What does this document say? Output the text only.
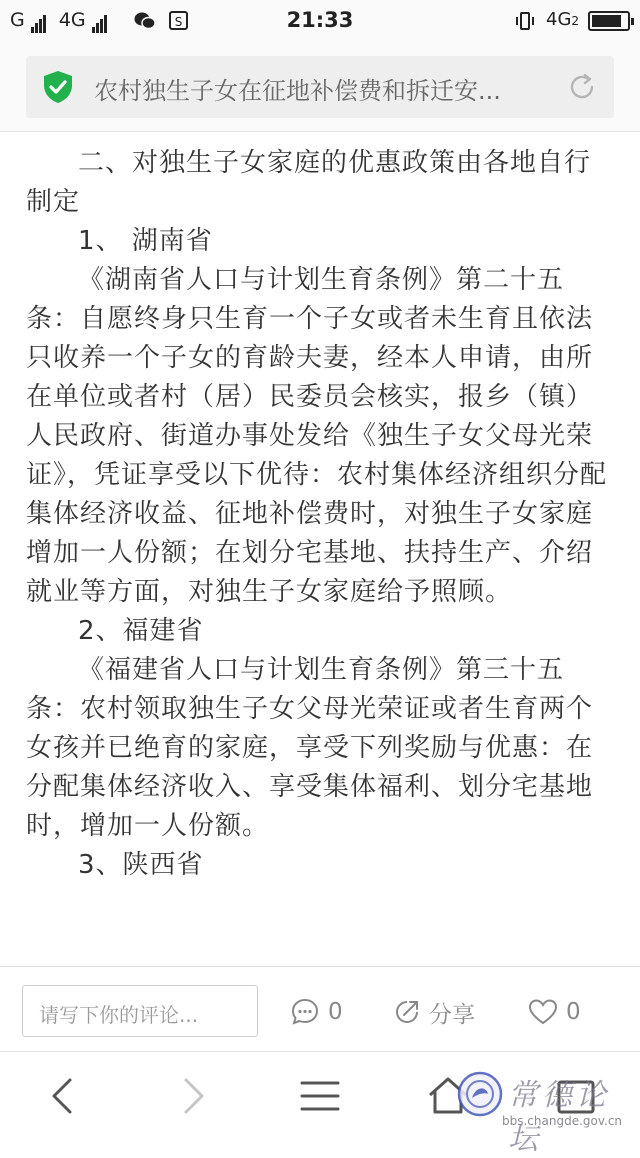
G 4G	S	21:33	4G2
农村独生子女在征地补偿费和拆迁安...

二、对独生子女家庭的优惠政策由各地自行制定

1、 湖南省

《湖南省人口与计划生育条例》第二十五条：自愿终身只生育一个子女或者未生育且依法只收养一个子女的育龄夫妻，经本人申请，由所在单位或者村（居）民委员会核实，报乡（镇）人民政府、街道办事处发给《独生子女父母光荣证》，凭证享受以下优待：农村集体经济组织分配集体经济收益、征地补偿费时，对独生子女家庭增加一人份额；在划分宅基地、扶持生产、介绍就业等方面，对独生子女家庭给予照顾。

2、福建省

《福建省人口与计划生育条例》第三十五条：农村领取独生子女父母光荣证或者生育两个女孩并已绝育的家庭，享受下列奖励与优惠：在分配集体经济收入、享受集体福利、划分宅基地时，增加一人份额。

3、陕西省

请写下你的评论...	0	分享	0
常德论坛
bbs.changde.gov.cn
